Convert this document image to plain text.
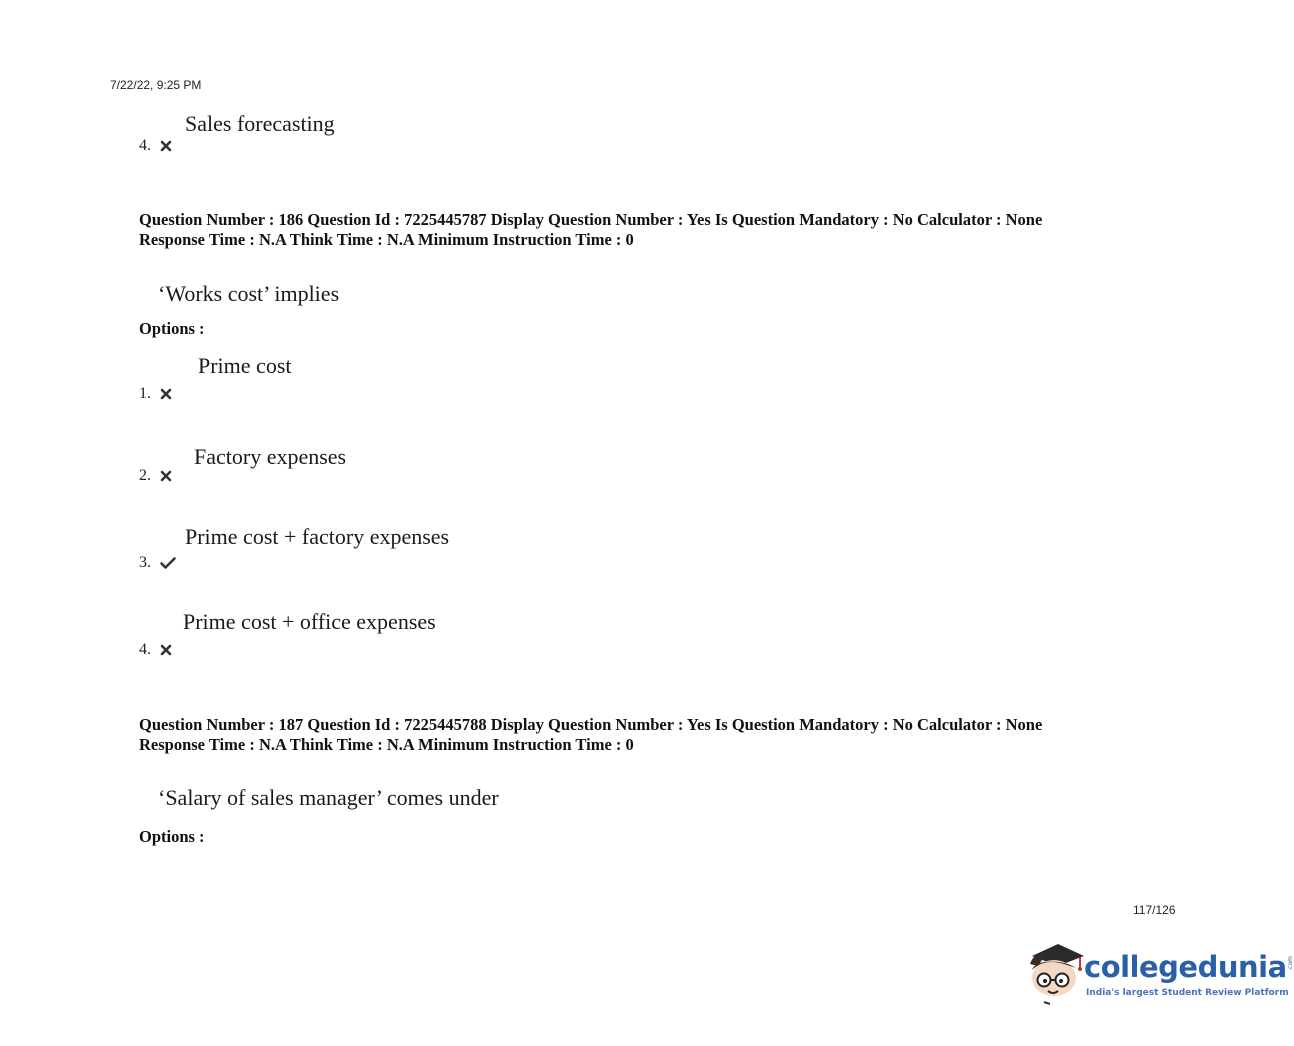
7/22/22, 9:25 PM
Sales forecasting
4.
Question Number : 186 Question Id : 7225445787 Display Question Number : Yes Is Question Mandatory : No Calculator : None
Response Time : N.A Think Time : N.A Minimum Instruction Time : 0
‘Works cost’ implies
Options :
Prime cost
1.
Factory expenses
2.
Prime cost + factory expenses
3.
Prime cost + office expenses
4.
Question Number : 187 Question Id : 7225445788 Display Question Number : Yes Is Question Mandatory : No Calculator : None
Response Time : N.A Think Time : N.A Minimum Instruction Time : 0
‘Salary of sales manager’ comes under
Options :
117/126
collegedunia.com
India's largest Student Review Platform
